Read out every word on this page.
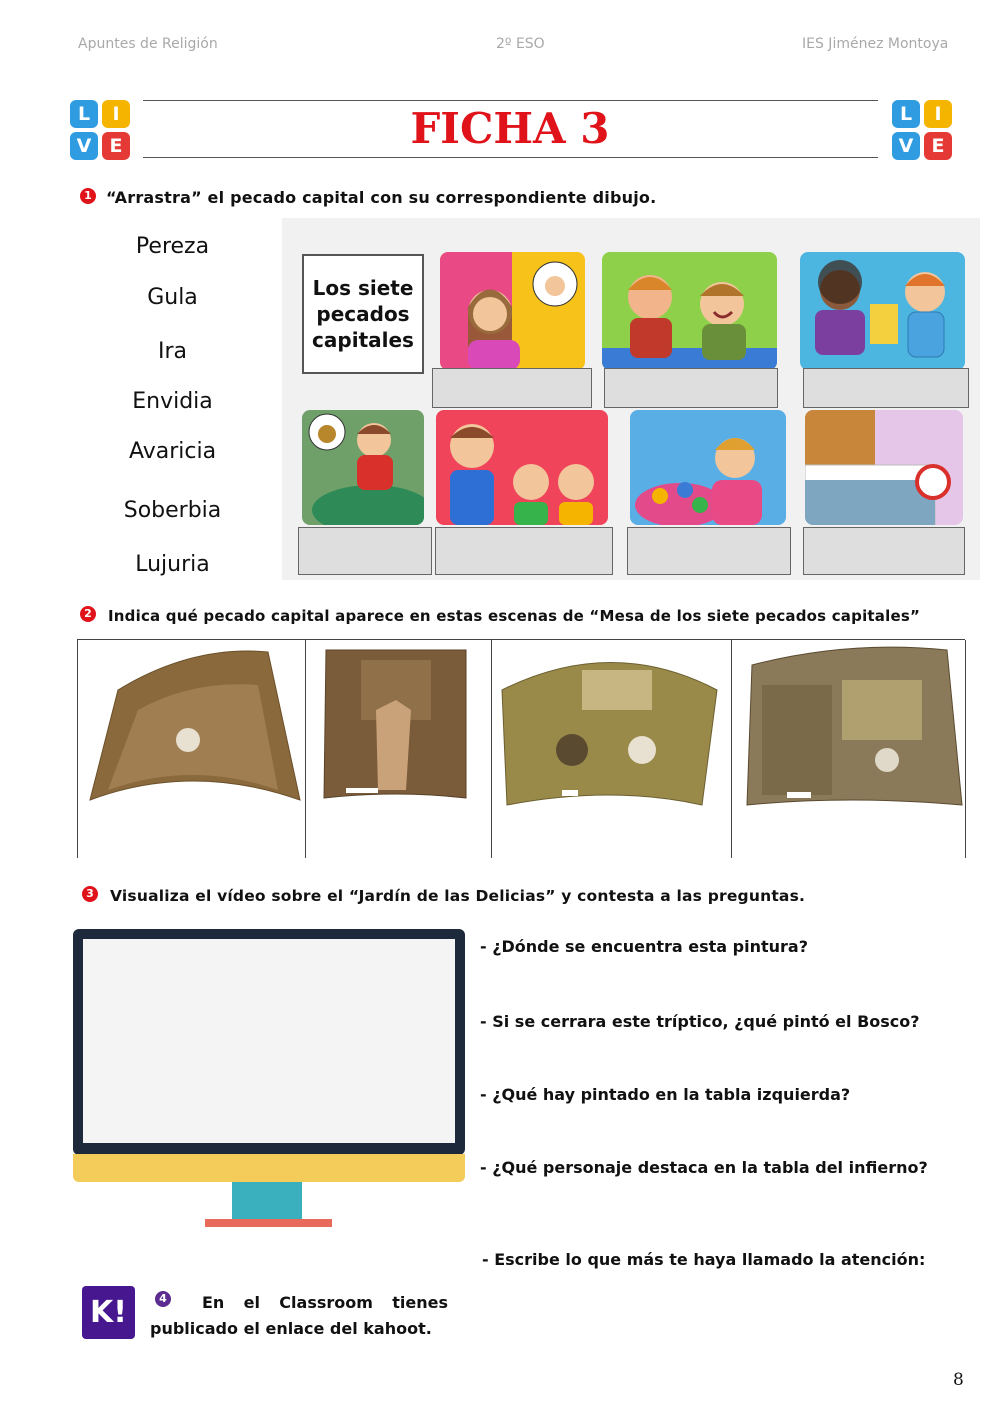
Apuntes de Religión	2º ESO	IES Jiménez Montoya
FICHA 3
L	I
V E
L	I
V E
1 “Arrastra” el pecado capital con su correspondiente dibujo.
Pereza
Gula
Ira
Envidia
Avaricia
Soberbia
Lujuria
Los siete pecados capitales
2 Indica qué pecado capital aparece en estas escenas de “Mesa de los siete pecados capitales”
3 Visualiza el vídeo sobre el “Jardín de las Delicias” y contesta a las preguntas.
- ¿Dónde se encuentra esta pintura?
- Si se cerrara este tríptico, ¿qué pintó el Bosco?
- ¿Qué hay pintado en la tabla izquierda?
- ¿Qué personaje destaca en la tabla del infierno?
- Escribe lo que más te haya llamado la atención:
K!	4 En el Classroom tienes
publicado el enlace del kahoot.
8
